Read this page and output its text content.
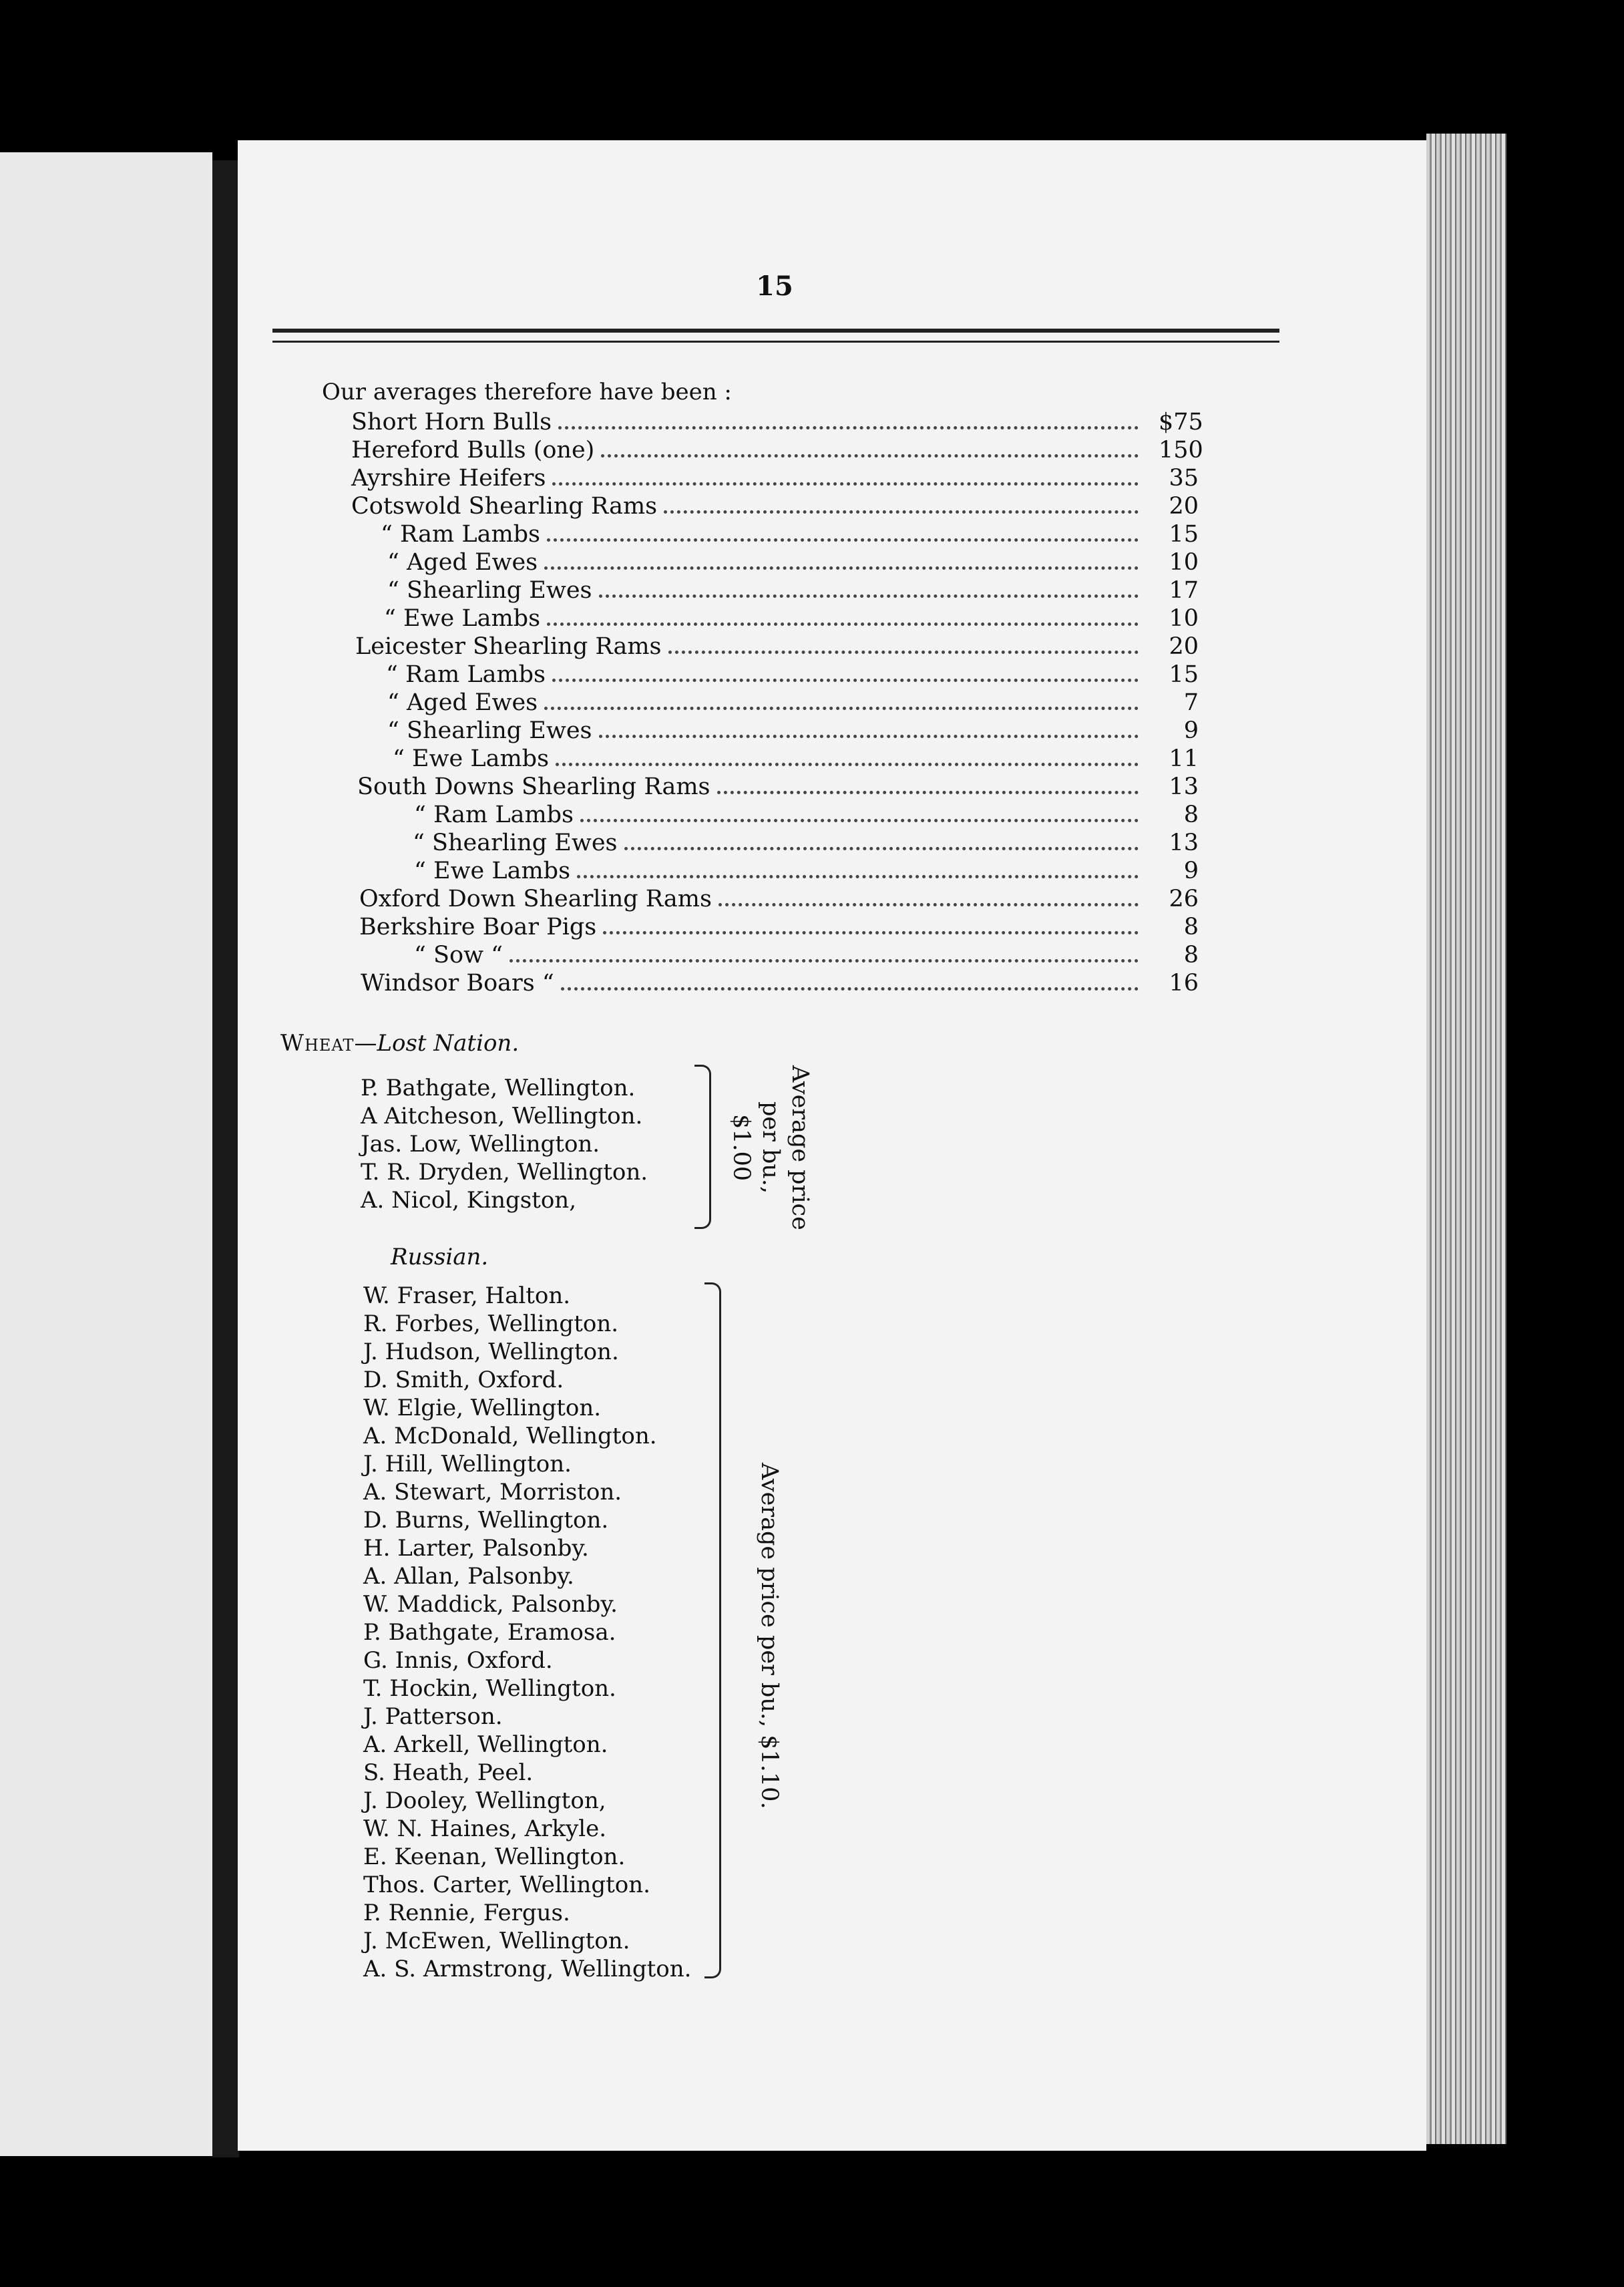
15
Our averages therefore have been :
Short Horn Bulls	$75
Hereford Bulls (one)	150
Ayrshire Heifers	35
Cotswold Shearling Rams	20
“ Ram Lambs	15
“ Aged Ewes	10
“ Shearling Ewes	17
“ Ewe Lambs	10
Leicester Shearling Rams	20
“ Ram Lambs	15
“ Aged Ewes	7
“ Shearling Ewes	9
“ Ewe Lambs	11
South Downs Shearling Rams	13
“ Ram Lambs	8
“ Shearling Ewes	13
“ Ewe Lambs	9
Oxford Down Shearling Rams	26
Berkshire Boar Pigs	8
“ Sow “	8
Windsor Boars “	16
Wheat—Lost Nation.
P. Bathgate, Wellington.
A Aitcheson, Wellington.
Jas. Low, Wellington.
T. R. Dryden, Wellington.
A. Nicol, Kingston,	Average price
per bu.,
$1.00
Russian.
W. Fraser, Halton.
R. Forbes, Wellington.
J. Hudson, Wellington.
D. Smith, Oxford.
W. Elgie, Wellington.
A. McDonald, Wellington.
J. Hill, Wellington.
A. Stewart, Morriston.
D. Burns, Wellington.
H. Larter, Palsonby.
A. Allan, Palsonby.
W. Maddick, Palsonby.
P. Bathgate, Eramosa.
G. Innis, Oxford.
T. Hockin, Wellington.
J. Patterson.
A. Arkell, Wellington.
S. Heath, Peel.
J. Dooley, Wellington,
W. N. Haines, Arkyle.
E. Keenan, Wellington.
Thos. Carter, Wellington.
P. Rennie, Fergus.
J. McEwen, Wellington.
A. S. Armstrong, Wellington.
Average price per bu., $1.10.
